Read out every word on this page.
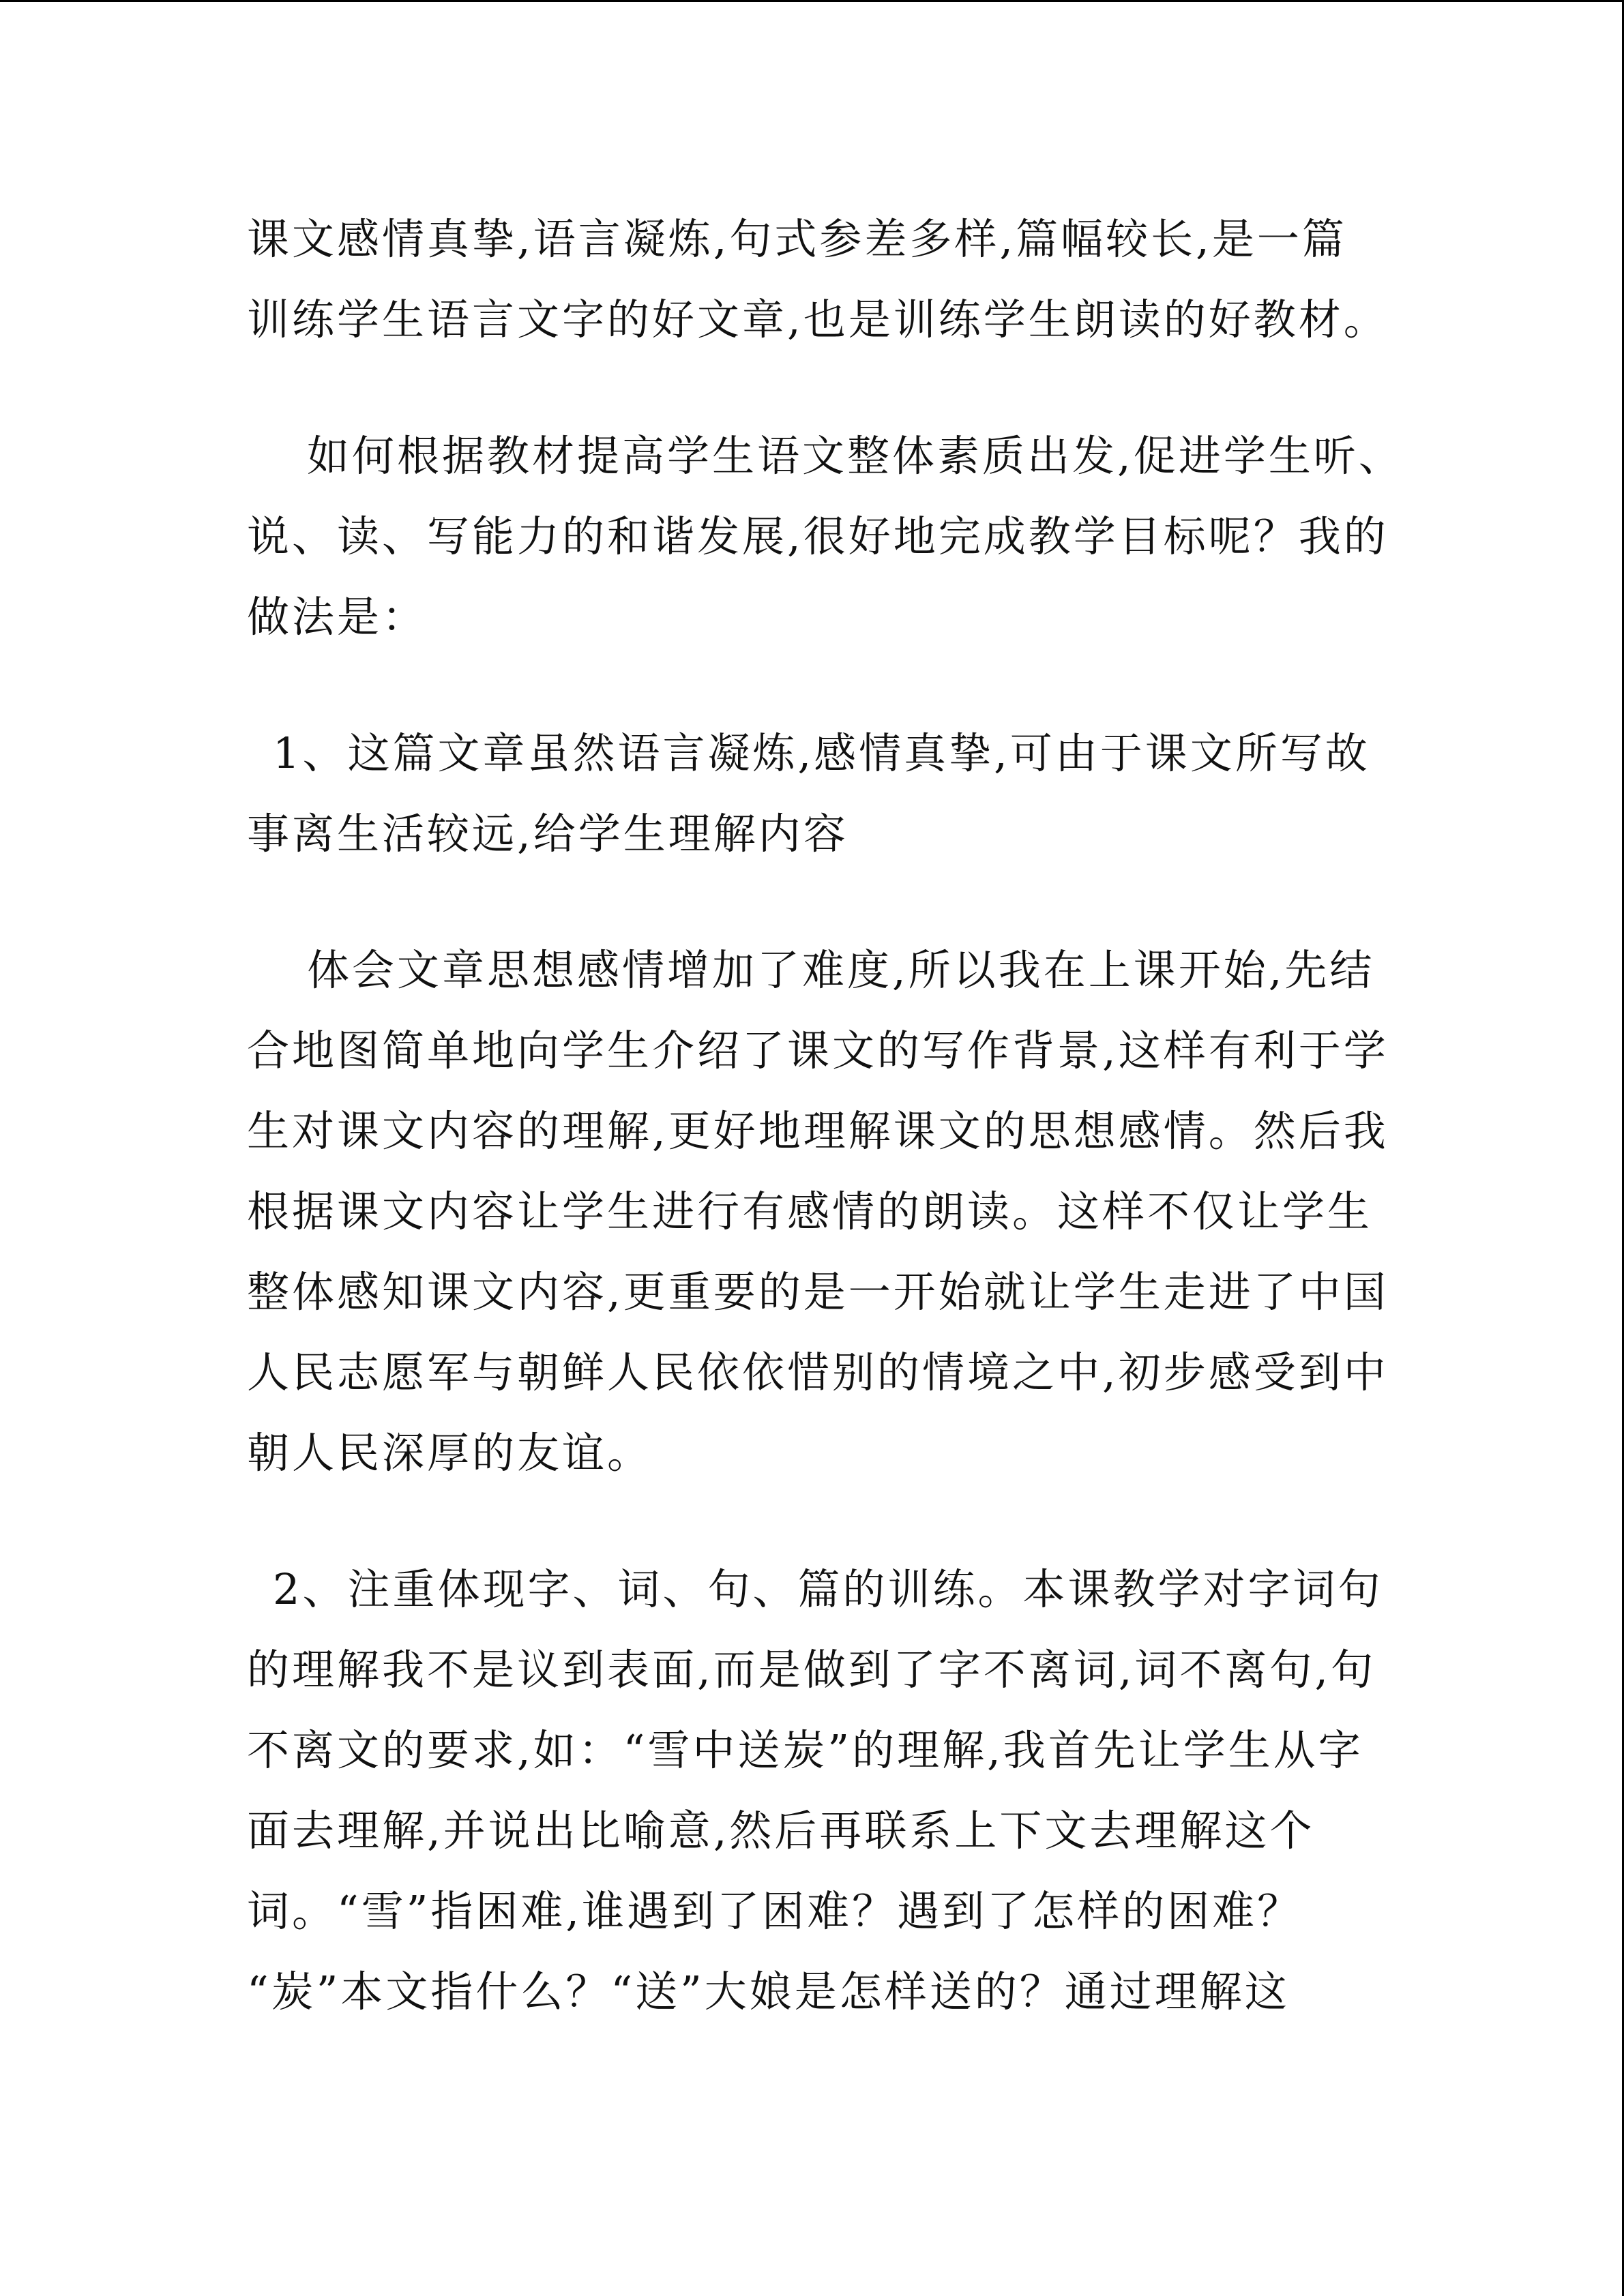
课文感情真挚,语言凝炼,句式参差多样,篇幅较长,是一篇
训练学生语言文字的好文章,也是训练学生朗读的好教材。

如何根据教材提高学生语文整体素质出发,促进学生听、
说、读、写能力的和谐发展,很好地完成教学目标呢？我的
做法是：

1、这篇文章虽然语言凝炼,感情真挚,可由于课文所写故
事离生活较远,给学生理解内容

体会文章思想感情增加了难度,所以我在上课开始,先结
合地图简单地向学生介绍了课文的写作背景,这样有利于学
生对课文内容的理解,更好地理解课文的思想感情。然后我
根据课文内容让学生进行有感情的朗读。这样不仅让学生
整体感知课文内容,更重要的是一开始就让学生走进了中国
人民志愿军与朝鲜人民依依惜别的情境之中,初步感受到中
朝人民深厚的友谊。

2、注重体现字、词、句、篇的训练。本课教学对字词句
的理解我不是议到表面,而是做到了字不离词,词不离句,句
不离文的要求,如：“雪中送炭”的理解,我首先让学生从字
面去理解,并说出比喻意,然后再联系上下文去理解这个
词。“雪”指困难,谁遇到了困难？遇到了怎样的困难？
“炭”本文指什么？“送”大娘是怎样送的？通过理解这
